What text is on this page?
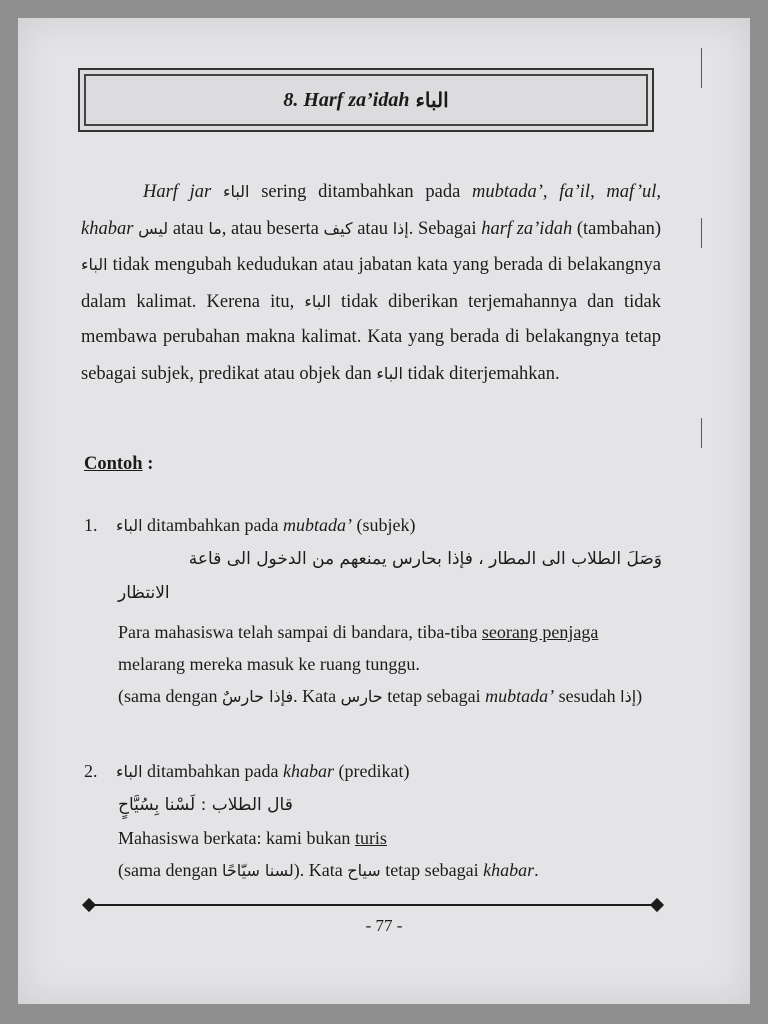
8. Harf za’idah الباء

Harf jar الباء sering ditambahkan pada mubtada’, fa’il, maf’ul, khabar ليس atau ما, atau beserta كيف atau إذا. Sebagai harf za’idah (tambahan) الباء tidak mengubah kedudukan atau jabatan kata yang berada di belakangnya dalam kalimat. Kerena itu, الباء tidak diberikan terjemahannya dan tidak membawa perubahan makna kalimat. Kata yang berada di belakangnya tetap sebagai subjek, predikat atau objek dan الباء tidak diterjemahkan.

Contoh :
1. الباء ditambahkan pada mubtada’ (subjek)
وَصَلَ الطلاب الى المطار ، فإذا بحارس يمنعهم من الدخول الى قاعة
الانتظار

Para mahasiswa telah sampai di bandara, tiba-tiba seorang penjaga melarang mereka masuk ke ruang tunggu.

(sama dengan فإذا حارسٌ. Kata حارس tetap sebagai mubtada’ sesudah إذا)

2. الباء ditambahkan pada khabar (predikat)
قال الطلاب : لَسْنا بِسُيَّاحٍ

Mahasiswa berkata: kami bukan turis

(sama dengan لسنا سيّاحًا). Kata سياح tetap sebagai khabar.

- 77 -
